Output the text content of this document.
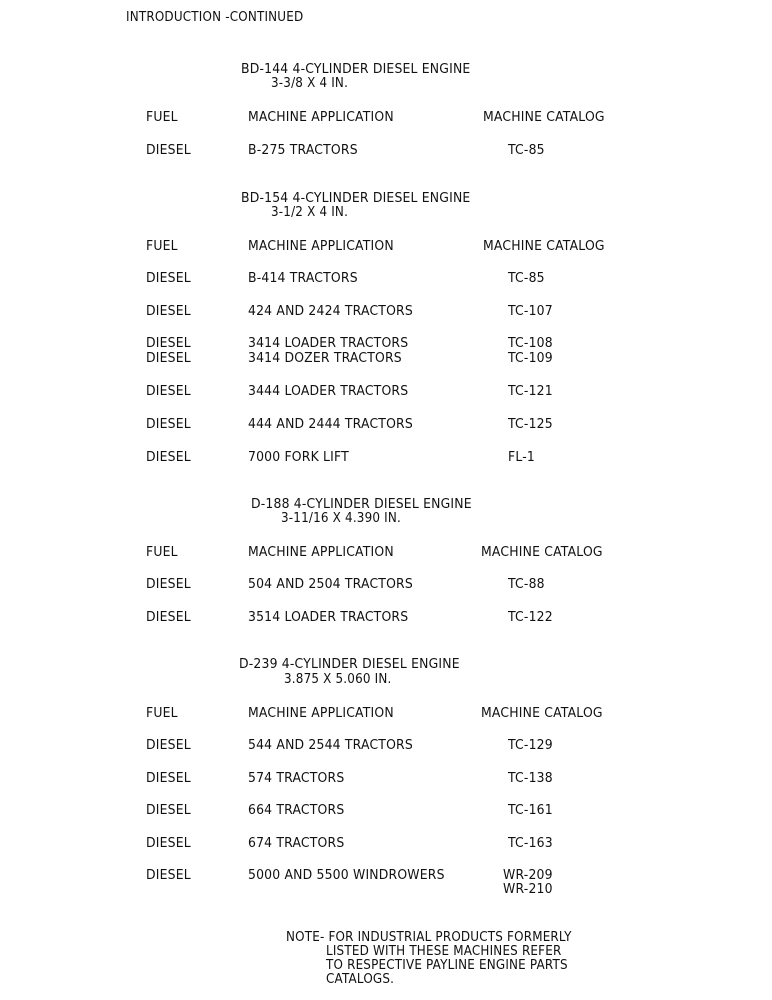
INTRODUCTION -CONTINUED
BD-144 4-CYLINDER DIESEL ENGINE
3-3/8 X 4 IN.
FUEL	MACHINE APPLICATION	MACHINE CATALOG
DIESEL	B-275 TRACTORS	TC-85
BD-154 4-CYLINDER DIESEL ENGINE
3-1/2 X 4 IN.
FUEL	MACHINE APPLICATION	MACHINE CATALOG
DIESEL	B-414 TRACTORS	TC-85
DIESEL	424 AND 2424 TRACTORS	TC-107
DIESEL	3414 LOADER TRACTORS	TC-108
DIESEL	3414 DOZER TRACTORS	TC-109
DIESEL	3444 LOADER TRACTORS	TC-121
DIESEL	444 AND 2444 TRACTORS	TC-125
DIESEL	7000 FORK LIFT	FL-1
D-188 4-CYLINDER DIESEL ENGINE
3-11/16 X 4.390 IN.
FUEL	MACHINE APPLICATION	MACHINE CATALOG
DIESEL	504 AND 2504 TRACTORS	TC-88
DIESEL	3514 LOADER TRACTORS	TC-122
D-239 4-CYLINDER DIESEL ENGINE
3.875 X 5.060 IN.
FUEL	MACHINE APPLICATION	MACHINE CATALOG
DIESEL	544 AND 2544 TRACTORS	TC-129
DIESEL	574 TRACTORS	TC-138
DIESEL	664 TRACTORS	TC-161
DIESEL	674 TRACTORS	TC-163
DIESEL	5000 AND 5500 WINDROWERS	WR-209
WR-210
NOTE- FOR INDUSTRIAL PRODUCTS FORMERLY
LISTED WITH THESE MACHINES REFER
TO RESPECTIVE PAYLINE ENGINE PARTS
CATALOGS.
